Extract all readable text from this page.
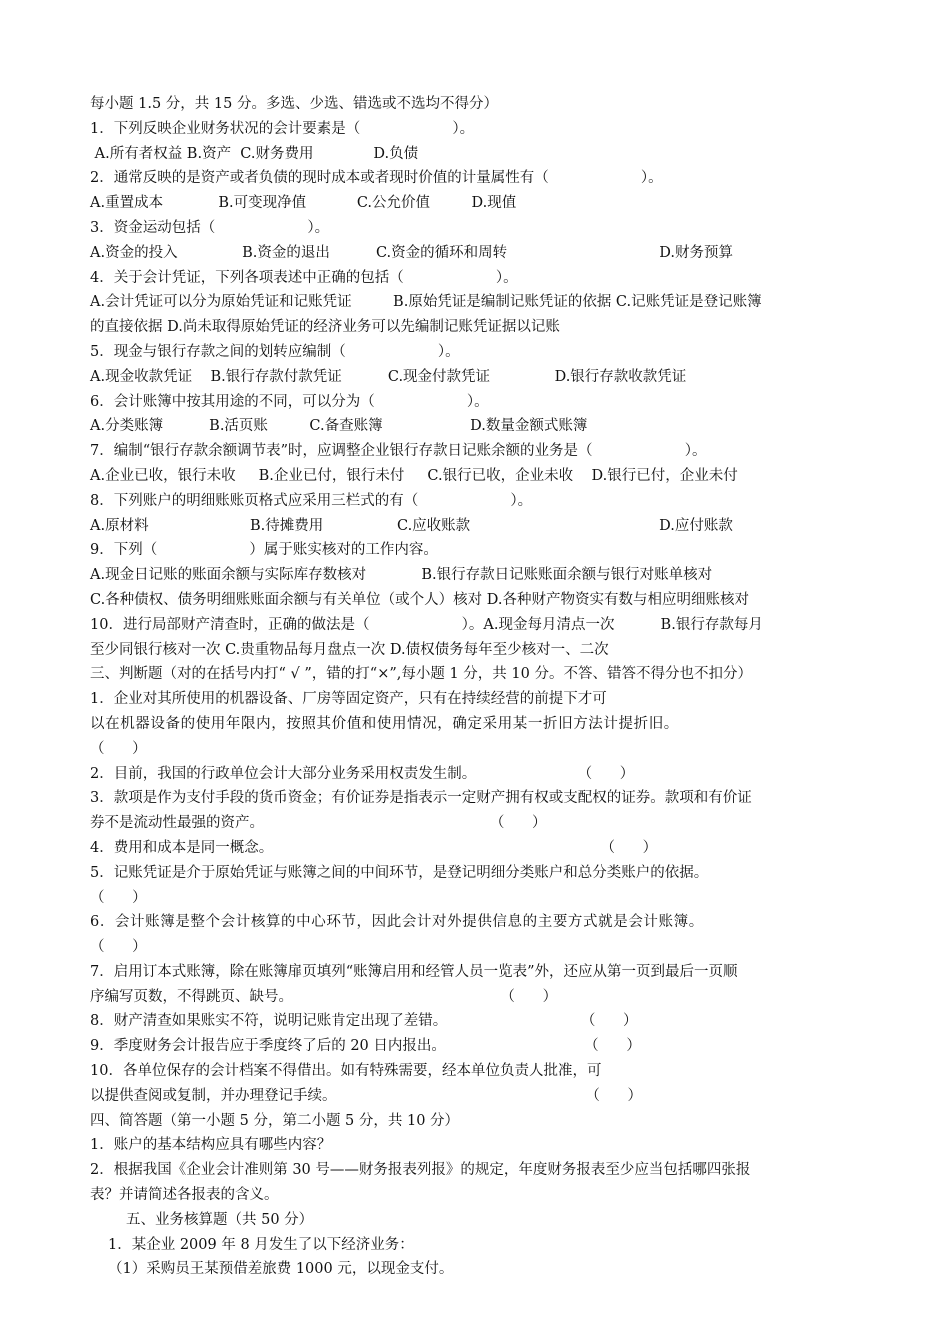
每小题 1.5 分，共 15 分。多选、少选、错选或不选均不得分）
1．下列反映企业财务状况的会计要素是（                    ）。
A.所有者权益 B.资产  C.财务费用             D.负债
2．通常反映的是资产或者负债的现时成本或者现时价值的计量属性有（                    ）。
A.重置成本            B.可变现净值           C.公允价值         D.现值
3．资金运动包括（                    ）。
A.资金的投入              B.资金的退出          C.资金的循环和周转                                 D.财务预算
4．关于会计凭证，下列各项表述中正确的包括（                    ）。
A.会计凭证可以分为原始凭证和记账凭证         B.原始凭证是编制记账凭证的依据 C.记账凭证是登记账簿
的直接依据 D.尚未取得原始凭证的经济业务可以先编制记账凭证据以记账
5．现金与银行存款之间的划转应编制（                    ）。
A.现金收款凭证    B.银行存款付款凭证          C.现金付款凭证              D.银行存款收款凭证
6．会计账簿中按其用途的不同，可以分为（                    ）。
A.分类账簿          B.活页账         C.备查账簿                   D.数量金额式账簿
7．编制“银行存款余额调节表”时，应调整企业银行存款日记账余额的业务是（                    ）。
A.企业已收，银行未收     B.企业已付，银行未付     C.银行已收，企业未收    D.银行已付，企业未付
8．下列账户的明细账账页格式应采用三栏式的有（                    ）。
A.原材料                      B.待摊费用                C.应收账款                                         D.应付账款
9．下列（                    ）属于账实核对的工作内容。
A.现金日记账的账面余额与实际库存数核对            B.银行存款日记账账面余额与银行对账单核对
C.各种债权、债务明细账账面余额与有关单位（或个人）核对 D.各种财产物资实有数与相应明细账核对
10．进行局部财产清查时，正确的做法是（                    ）。A.现金每月清点一次          B.银行存款每月
至少同银行核对一次 C.贵重物品每月盘点一次 D.债权债务每年至少核对一、二次
三、判断题（对的在括号内打“ √ ”，错的打“×”,每小题 1 分，共 10 分。不答、错答不得分也不扣分）
1．企业对其所使用的机器设备、厂房等固定资产，只有在持续经营的前提下才可
以在机器设备的使用年限内，按照其价值和使用情况，确定采用某一折旧方法计提折旧。
（      ）
2．目前，我国的行政单位会计大部分业务采用权责发生制。                      （      ）
3．款项是作为支付手段的货币资金；有价证券是指表示一定财产拥有权或支配权的证券。款项和有价证
券不是流动性最强的资产。                                                 （      ）
4．费用和成本是同一概念。                                                                       （      ）
5．记账凭证是介于原始凭证与账簿之间的中间环节，是登记明细分类账户和总分类账户的依据。
（      ）
6．会计账簿是整个会计核算的中心环节，因此会计对外提供信息的主要方式就是会计账簿。
（      ）
7．启用订本式账簿，除在账簿扉页填列“账簿启用和经管人员一览表”外，还应从第一页到最后一页顺
序编写页数，不得跳页、缺号。                                             （      ）
8．财产清查如果账实不符，说明记账肯定出现了差错。                             （      ）
9．季度财务会计报告应于季度终了后的 20 日内报出。                              （      ）
10．各单位保存的会计档案不得借出。如有特殊需要，经本单位负责人批准，可
以提供查阅或复制，并办理登记手续。                                                      （      ）
四、简答题（第一小题 5 分，第二小题 5 分，共 10 分）
1．账户的基本结构应具有哪些内容？
2．根据我国《企业会计准则第 30 号——财务报表列报》的规定，年度财务报表至少应当包括哪四张报
表？并请简述各报表的含义。
五、业务核算题（共 50 分）
1．某企业 2009 年 8 月发生了以下经济业务：
（1）采购员王某预借差旅费 1000 元，以现金支付。
